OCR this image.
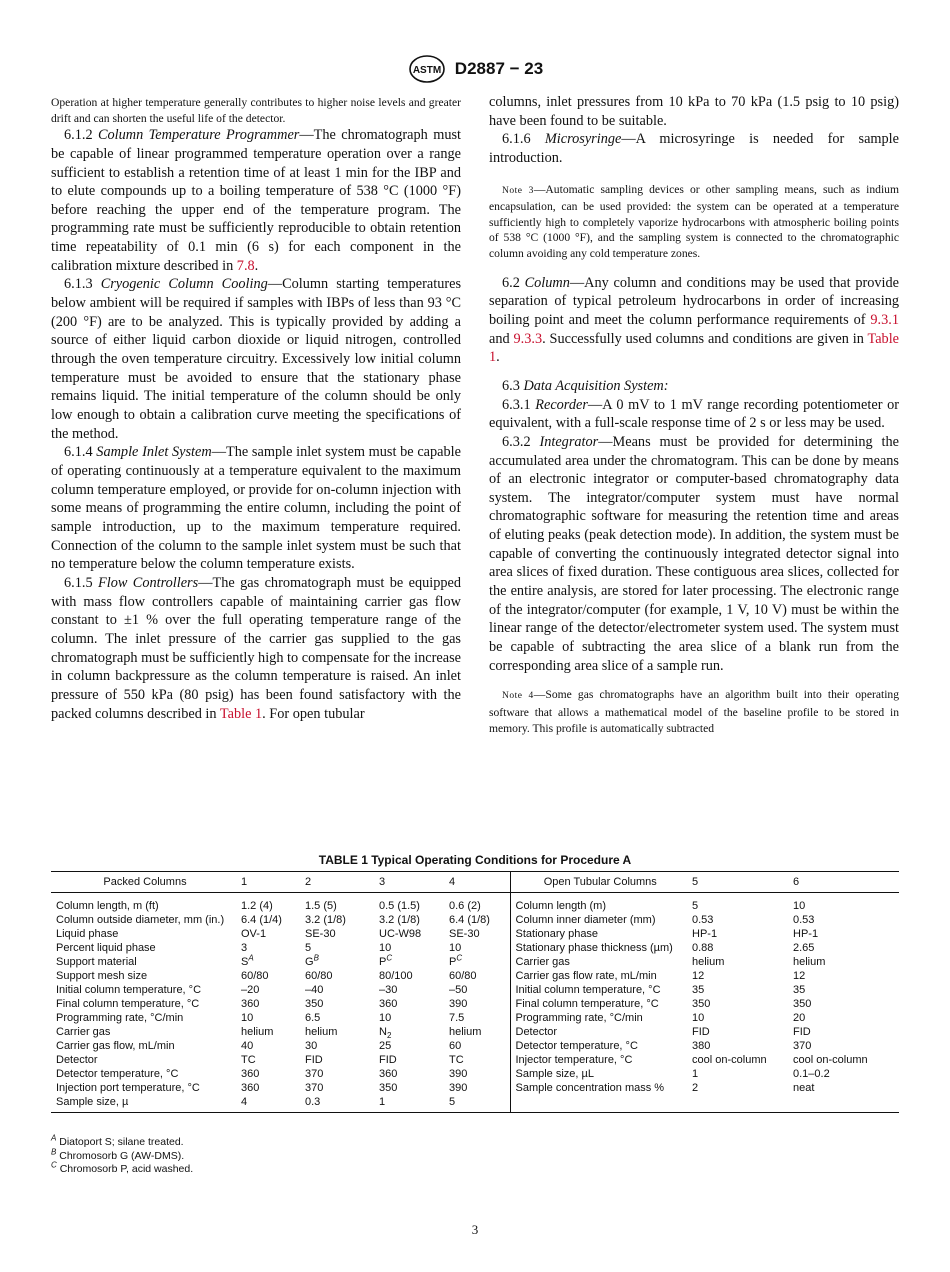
ASTM D2887 − 23

Operation at higher temperature generally contributes to higher noise levels and greater drift and can shorten the useful life of the detector.

6.1.2 Column Temperature Programmer—The chromatograph must be capable of linear programmed temperature operation over a range sufficient to establish a retention time of at least 1 min for the IBP and to elute compounds up to a boiling temperature of 538 °C (1000 °F) before reaching the upper end of the temperature program. The programming rate must be sufficiently reproducible to obtain retention time repeatability of 0.1 min (6 s) for each component in the calibration mixture described in 7.8.

6.1.3 Cryogenic Column Cooling—Column starting temperatures below ambient will be required if samples with IBPs of less than 93 °C (200 °F) are to be analyzed. This is typically provided by adding a source of either liquid carbon dioxide or liquid nitrogen, controlled through the oven temperature circuitry. Excessively low initial column temperature must be avoided to ensure that the stationary phase remains liquid. The initial temperature of the column should be only low enough to obtain a calibration curve meeting the specifications of the method.

6.1.4 Sample Inlet System—The sample inlet system must be capable of operating continuously at a temperature equivalent to the maximum column temperature employed, or provide for on-column injection with some means of programming the entire column, including the point of sample introduction, up to the maximum temperature required. Connection of the column to the sample inlet system must be such that no temperature below the column temperature exists.

6.1.5 Flow Controllers—The gas chromatograph must be equipped with mass flow controllers capable of maintaining carrier gas flow constant to ±1 % over the full operating temperature range of the column. The inlet pressure of the carrier gas supplied to the gas chromatograph must be sufficiently high to compensate for the increase in column backpressure as the column temperature is raised. An inlet pressure of 550 kPa (80 psig) has been found satisfactory with the packed columns described in Table 1. For open tubular

columns, inlet pressures from 10 kPa to 70 kPa (1.5 psig to 10 psig) have been found to be suitable.

6.1.6 Microsyringe—A microsyringe is needed for sample introduction.

Note 3—Automatic sampling devices or other sampling means, such as indium encapsulation, can be used provided: the system can be operated at a temperature sufficiently high to completely vaporize hydrocarbons with atmospheric boiling points of 538 °C (1000 °F), and the sampling system is connected to the chromatographic column avoiding any cold temperature zones.

6.2 Column—Any column and conditions may be used that provide separation of typical petroleum hydrocarbons in order of increasing boiling point and meet the column performance requirements of 9.3.1 and 9.3.3. Successfully used columns and conditions are given in Table 1.

6.3 Data Acquisition System:

6.3.1 Recorder—A 0 mV to 1 mV range recording potentiometer or equivalent, with a full-scale response time of 2 s or less may be used.

6.3.2 Integrator—Means must be provided for determining the accumulated area under the chromatogram. This can be done by means of an electronic integrator or computer-based chromatography data system. The integrator/computer system must have normal chromatographic software for measuring the retention time and areas of eluting peaks (peak detection mode). In addition, the system must be capable of converting the continuously integrated detector signal into area slices of fixed duration. These contiguous area slices, collected for the entire analysis, are stored for later processing. The electronic range of the integrator/computer (for example, 1 V, 10 V) must be within the linear range of the detector/electrometer system used. The system must be capable of subtracting the area slice of a blank run from the corresponding area slice of a sample run.

Note 4—Some gas chromatographs have an algorithm built into their operating software that allows a mathematical model of the baseline profile to be stored in memory. This profile is automatically subtracted

TABLE 1 Typical Operating Conditions for Procedure A
Packed Columns	1	2	3	4	Open Tubular Columns	5	6
Column length, m (ft)	1.2 (4)	1.5 (5)	0.5 (1.5)	0.6 (2)	Column length (m)	5	10
Column outside diameter, mm (in.)	6.4 (1/4)	3.2 (1/8)	3.2 (1/8)	6.4 (1/8)	Column inner diameter (mm)	0.53	0.53
Liquid phase	OV-1	SE-30	UC-W98	SE-30	Stationary phase	HP-1	HP-1
Percent liquid phase	3	5	10	10	Stationary phase thickness (µm)	0.88	2.65
Support material	$S^A$	$G^B$	$P^C$	$P^C$	Carrier gas	helium	helium
Support mesh size	60/80	60/80	80/100	60/80	Carrier gas flow rate, mL/min	12	12
Initial column temperature, °C	–20	–40	–30	–50	Initial column temperature, °C	35	35
Final column temperature, °C	360	350	360	390	Final column temperature, °C	350	350
Programming rate, °C/min	10	6.5	10	7.5	Programming rate, °C/min	10	20
Carrier gas	helium	helium	$N_2$	helium	Detector	FID	FID
Carrier gas flow, mL/min	40	30	25	60	Detector temperature, °C	380	370
Detector	TC	FID	FID	TC	Injector temperature, °C	cool on-column	cool on-column
Detector temperature, °C	360	370	360	390	Sample size, µL	1	0.1–0.2
Injection port temperature, °C	360	370	350	390	Sample concentration mass %	2	neat
Sample size, µ	4	0.3	1	5			
$^A$ Diatoport S; silane treated.
$^B$ Chromosorb G (AW-DMS).
$^C$ Chromosorb P, acid washed.
3
